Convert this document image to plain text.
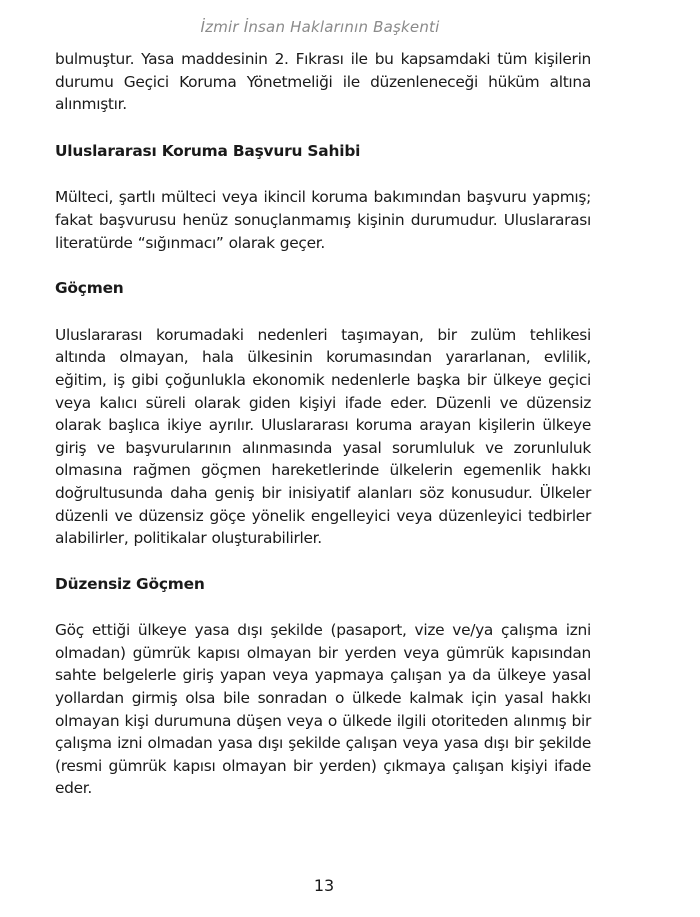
İzmir İnsan Haklarının Başkenti

bulmuştur. Yasa maddesinin 2. Fıkrası ile bu kapsamdaki tüm kişilerin durumu Geçici Koruma Yönetmeliği ile düzenleneceği hüküm altına alınmıştır.

Uluslararası Koruma Başvuru Sahibi

Mülteci, şartlı mülteci veya ikincil koruma bakımından başvuru yapmış; fakat başvurusu henüz sonuçlanmamış kişinin durumudur. Uluslararası literatürde “sığınmacı” olarak geçer.

Göçmen

Uluslararası korumadaki nedenleri taşımayan, bir zulüm tehlikesi altında olmayan, hala ülkesinin korumasından yararlanan, evlilik, eğitim, iş gibi çoğunlukla ekonomik nedenlerle başka bir ülkeye geçici veya kalıcı süreli olarak giden kişiyi ifade eder. Düzenli ve düzensiz olarak başlıca ikiye ayrılır. Uluslararası koruma arayan kişilerin ülkeye giriş ve başvurularının alınmasında yasal sorumluluk ve zorunluluk olmasına rağmen göçmen hareketlerinde ülkelerin egemenlik hakkı doğrultusunda daha geniş bir inisiyatif alanları söz konusudur. Ülkeler düzenli ve düzensiz göçe yönelik engelleyici veya düzenleyici tedbirler alabilirler, politikalar oluşturabilirler.

Düzensiz Göçmen

Göç ettiği ülkeye yasa dışı şekilde (pasaport, vize ve/ya çalışma izni olmadan) gümrük kapısı olmayan bir yerden veya gümrük kapısından sahte belgelerle giriş yapan veya yapmaya çalışan ya da ülkeye yasal yollardan girmiş olsa bile sonradan o ülkede kalmak için yasal hakkı olmayan kişi durumuna düşen veya o ülkede ilgili otoriteden alınmış bir çalışma izni olmadan yasa dışı şekilde çalışan veya yasa dışı bir şekilde (resmi gümrük kapısı olmayan bir yerden) çıkmaya çalışan kişiyi ifade eder.

13
